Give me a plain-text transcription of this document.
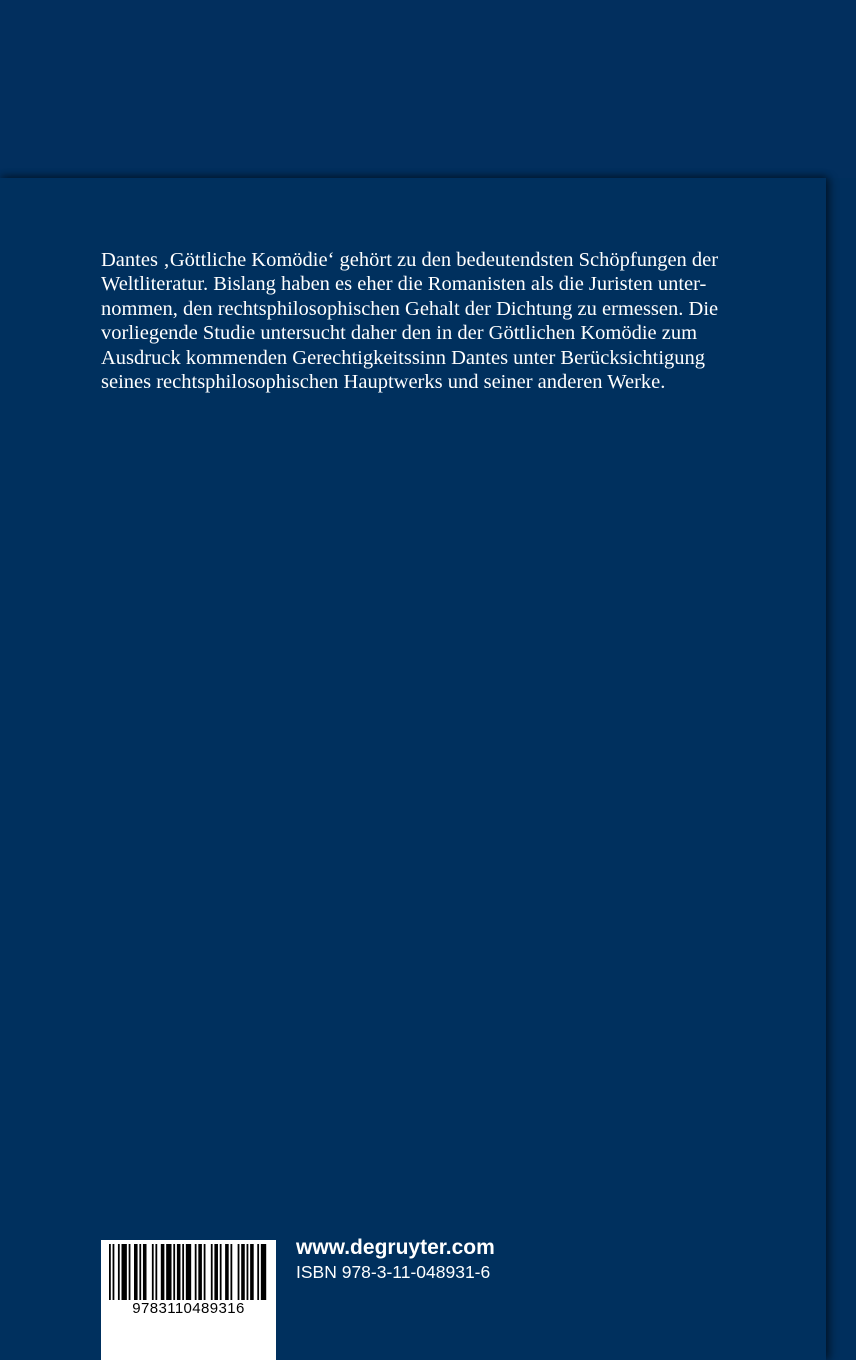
Dantes ‚Göttliche Komödie‘ gehört zu den bedeutendsten Schöpfungen der
Weltliteratur. Bislang haben es eher die Romanisten als die Juristen unter-
nommen, den rechtsphilosophischen Gehalt der Dichtung zu ermessen. Die
vorliegende Studie untersucht daher den in der Göttlichen Komödie zum
Ausdruck kommenden Gerechtigkeitssinn Dantes unter Berücksichtigung
seines rechtsphilosophischen Hauptwerks und seiner anderen Werke.

9783110489316
www.degruyter.com
ISBN 978-3-11-048931-6
